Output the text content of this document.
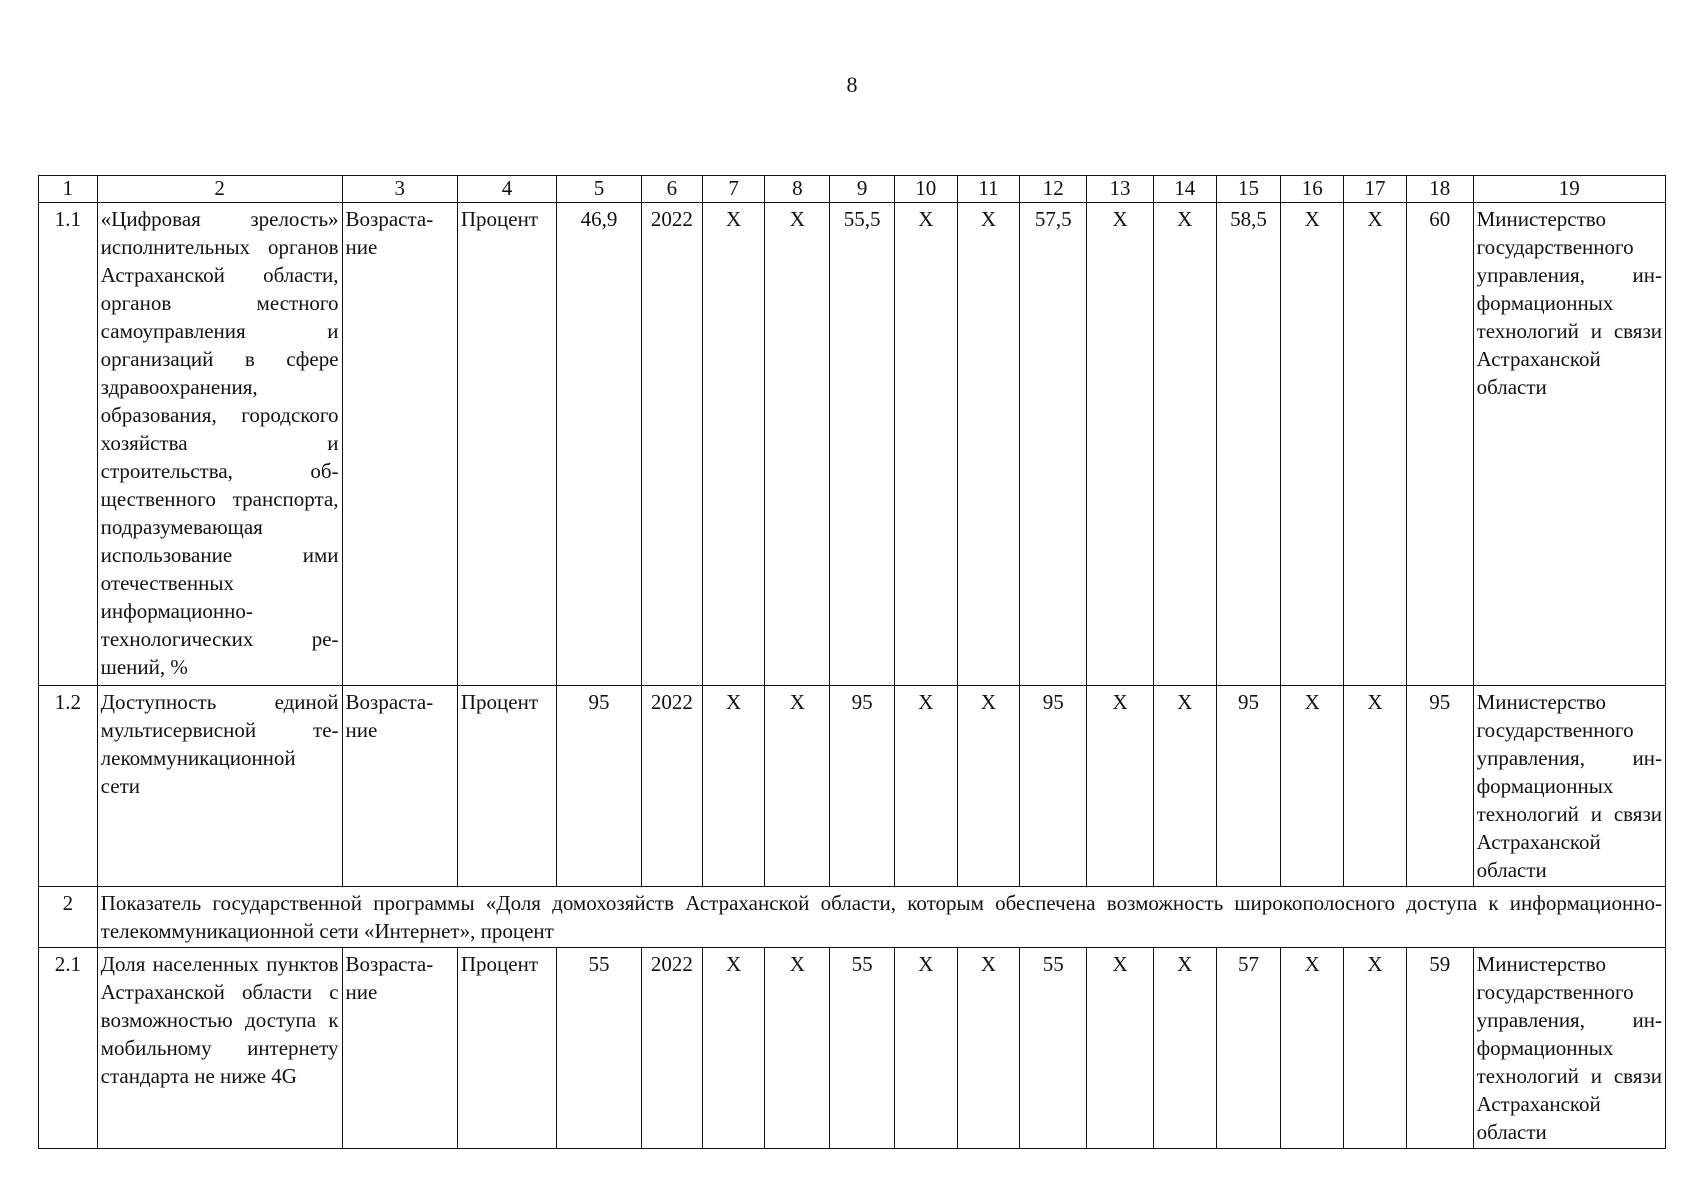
8
1	2	3	4	5	6	7	8	9	10	11	12	13	14	15	16	17	18	19
1.1	«Цифровая зрелость» исполнительных органов Астраханской области, органов местного самоуправления и организаций в сфере здравоохранения, образования, городского хозяйства и строительства, общественного транспорта, подразумевающая использование ими отечественных информационно-технологических решений, %	Возрастание	Процент	46,9	2022	Х	Х	55,5	Х	Х	57,5	Х	Х	58,5	Х	Х	60	Министерство государственного управления, информационных технологий и связи Астраханской области
1.2	Доступность единой мультисервисной телекоммуникационной сети	Возрастание	Процент	95	2022	Х	Х	95	Х	Х	95	Х	Х	95	Х	Х	95	Министерство государственного управления, информационных технологий и связи Астраханской области
2	Показатель государственной программы «Доля домохозяйств Астраханской области, которым обеспечена возможность широкополосного доступа к информационно-телекоммуникационной сети «Интернет», процент																	
2.1	Доля населенных пунктов Астраханской области с возможностью доступа к мобильному интернету стандарта не ниже 4G	Возрастание	Процент	55	2022	Х	Х	55	Х	Х	55	Х	Х	57	Х	Х	59	Министерство государственного управления, информационных технологий и связи Астраханской области
